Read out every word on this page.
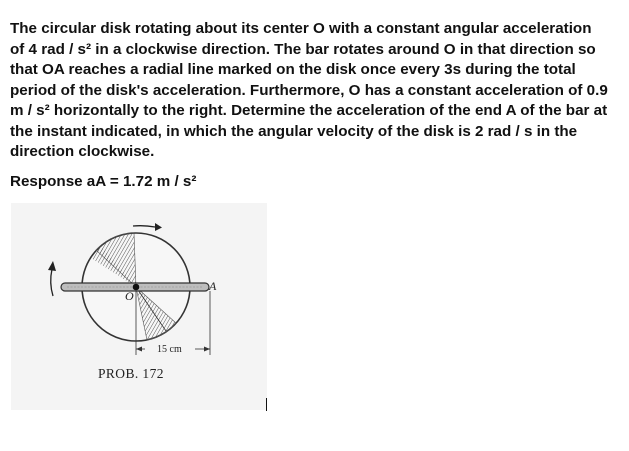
The circular disk rotating about its center O with a constant angular acceleration of 4 rad / s² in a clockwise direction. The bar rotates around O in that direction so that OA reaches a radial line marked on the disk once every 3s during the total period of the disk's acceleration. Furthermore, O has a constant acceleration of 0.9 m / s² horizontally to the right. Determine the acceleration of the end A of the bar at the instant indicated, in which the angular velocity of the disk is 2 rad / s in the direction clockwise.

Response aA = 1.72 m / s²

O
A
15 cm
PROB. 172
